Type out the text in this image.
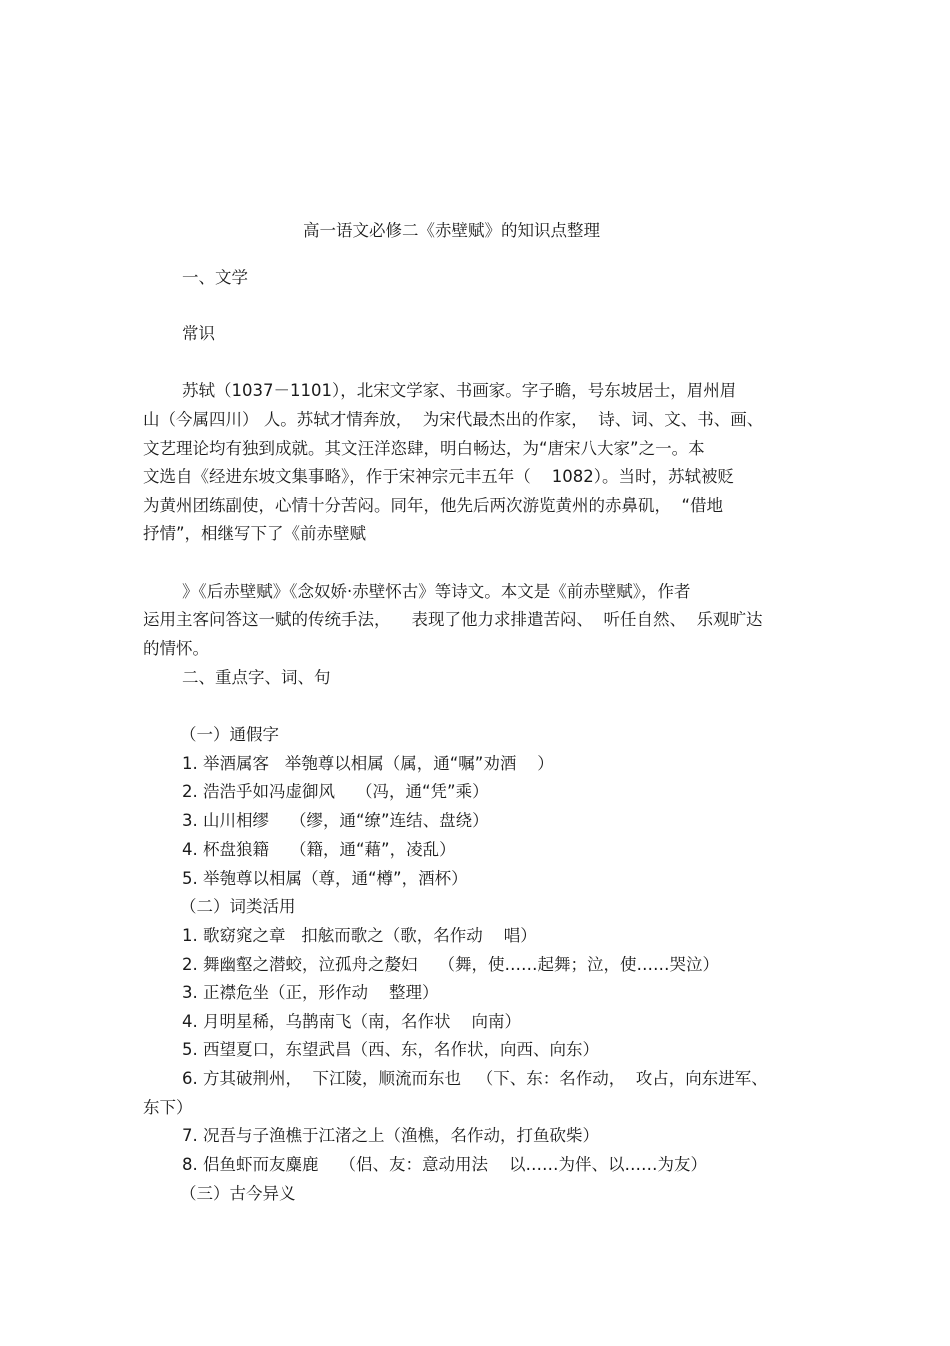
高一语文必修二《赤壁赋》的知识点整理
一、文学
常识
苏轼（1037－1101），北宋文学家、书画家。字子瞻，号东坡居士，眉州眉
山（今属四川） 人。苏轼才情奔放，  为宋代最杰出的作家，  诗、词、文、书、画、
文艺理论均有独到成就。其文汪洋恣肆，明白畅达，为“唐宋八大家”之一。本
文选自《经进东坡文集事略》，作于宋神宗元丰五年（    1082）。当时，苏轼被贬
为黄州团练副使，心情十分苦闷。同年，他先后两次游览黄州的赤鼻矶，  “借地
抒情”，相继写下了《前赤壁赋
》《后赤壁赋》《念奴娇·赤壁怀古》等诗文。本文是《前赤壁赋》，作者
运用主客问答这一赋的传统手法，    表现了他力求排遣苦闷、  听任自然、  乐观旷达
的情怀。
二、重点字、词、句
（一）通假字
1. 举酒属客   举匏尊以相属（属，通“嘱”劝酒    ）
2. 浩浩乎如冯虚御风    （冯，通“凭”乘）
3. 山川相缪    （缪，通“缭”连结、盘绕）
4. 杯盘狼籍    （籍，通“藉”，凌乱）
5. 举匏尊以相属（尊，通“樽”，酒杯）
（二）词类活用
1. 歌窈窕之章   扣舷而歌之（歌，名作动    唱）
2. 舞幽壑之潜蛟，泣孤舟之嫠妇    （舞，使……起舞；泣，使……哭泣）
3. 正襟危坐（正，形作动    整理）
4. 月明星稀，乌鹊南飞（南，名作状    向南）
5. 西望夏口，东望武昌（西、东，名作状，向西、向东）
6. 方其破荆州，  下江陵，顺流而东也   （下、东：名作动，  攻占，向东进军、
东下）
7. 况吾与子渔樵于江渚之上（渔樵，名作动，打鱼砍柴）
8. 侣鱼虾而友麋鹿    （侣、友：意动用法    以……为伴、以……为友）
（三）古今异义
